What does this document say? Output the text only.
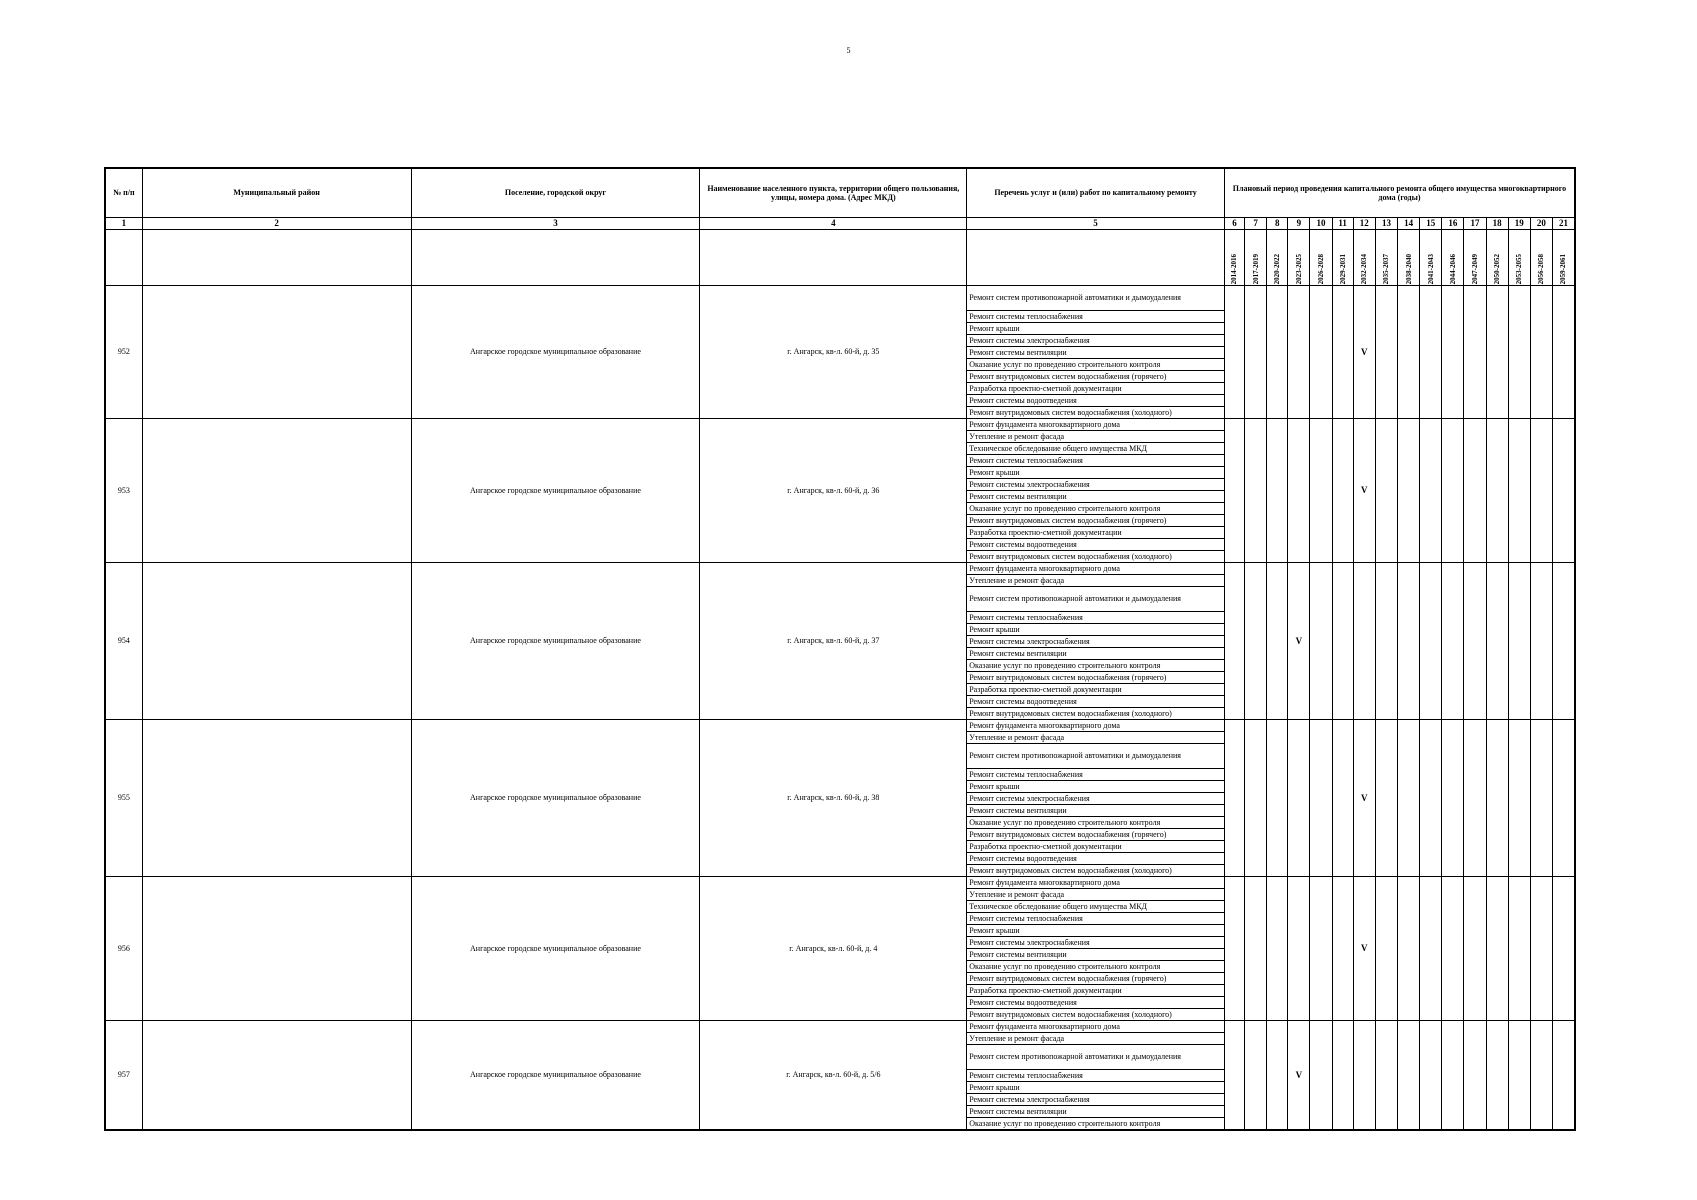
5
№ п/п	Муниципальный район	Поселение, городской округ	Наименование населенного пункта, территории общего пользования, улицы, номера дома. (Адрес МКД)	Перечень услуг и (или) работ по капитальному ремонту	Плановый период проведения капитального ремонта общего имущества многоквартирного дома (годы)															
1	2	3	4	5	6	7	8	9	10	11	12	13	14	15	16	17	18	19	20	21

					2014-2016	2017-2019	2020-2022	2023-2025	2026-2028	2029-2031	2032-2034	2035-2037	2038-2040	2041-2043	2044-2046	2047-2049	2050-2052	2053-2055	2056-2058	2059-2061

952		Ангарское городское муниципальное образование	г. Ангарск, кв-л. 60-й, д. 35	Ремонт систем противопожарной автоматики и дымоудаления							V									
				Ремонт системы теплоснабжения																
				Ремонт крыши																
				Ремонт системы электроснабжения																
				Ремонт системы вентиляции																
				Оказание услуг по проведению строительного контроля																
				Ремонт внутридомовых систем водоснабжения (горячего)																
				Разработка проектно-сметной документации																
				Ремонт системы водоотведения																
				Ремонт внутридомовых систем водоснабжения (холодного)																
953		Ангарское городское муниципальное образование	г. Ангарск, кв-л. 60-й, д. 36	Ремонт фундамента многоквартирного дома							V									
				Утепление и ремонт фасада																
				Техническое обследование общего имущества МКД																
				Ремонт системы теплоснабжения																
				Ремонт крыши																
				Ремонт системы электроснабжения																
				Ремонт системы вентиляции																
				Оказание услуг по проведению строительного контроля																
				Ремонт внутридомовых систем водоснабжения (горячего)																
				Разработка проектно-сметной документации																
				Ремонт системы водоотведения																
				Ремонт внутридомовых систем водоснабжения (холодного)																
954		Ангарское городское муниципальное образование	г. Ангарск, кв-л. 60-й, д. 37	Ремонт фундамента многоквартирного дома				V												
				Утепление и ремонт фасада																
				Ремонт систем противопожарной автоматики и дымоудаления																
				Ремонт системы теплоснабжения																
				Ремонт крыши																
				Ремонт системы электроснабжения																
				Ремонт системы вентиляции																
				Оказание услуг по проведению строительного контроля																
				Ремонт внутридомовых систем водоснабжения (горячего)																
				Разработка проектно-сметной документации																
				Ремонт системы водоотведения																
				Ремонт внутридомовых систем водоснабжения (холодного)																
955		Ангарское городское муниципальное образование	г. Ангарск, кв-л. 60-й, д. 38	Ремонт фундамента многоквартирного дома							V									
				Утепление и ремонт фасада																
				Ремонт систем противопожарной автоматики и дымоудаления																
				Ремонт системы теплоснабжения																
				Ремонт крыши																
				Ремонт системы электроснабжения																
				Ремонт системы вентиляции																
				Оказание услуг по проведению строительного контроля																
				Ремонт внутридомовых систем водоснабжения (горячего)																
				Разработка проектно-сметной документации																
				Ремонт системы водоотведения																
				Ремонт внутридомовых систем водоснабжения (холодного)																
956		Ангарское городское муниципальное образование	г. Ангарск, кв-л. 60-й, д. 4	Ремонт фундамента многоквартирного дома							V									
				Утепление и ремонт фасада																
				Техническое обследование общего имущества МКД																
				Ремонт системы теплоснабжения																
				Ремонт крыши																
				Ремонт системы электроснабжения																
				Ремонт системы вентиляции																
				Оказание услуг по проведению строительного контроля																
				Ремонт внутридомовых систем водоснабжения (горячего)																
				Разработка проектно-сметной документации																
				Ремонт системы водоотведения																
				Ремонт внутридомовых систем водоснабжения (холодного)																
957		Ангарское городское муниципальное образование	г. Ангарск, кв-л. 60-й, д. 5/6	Ремонт фундамента многоквартирного дома				V												
				Утепление и ремонт фасада																
				Ремонт систем противопожарной автоматики и дымоудаления																
				Ремонт системы теплоснабжения																
				Ремонт крыши																
				Ремонт системы электроснабжения																
				Ремонт системы вентиляции																
				Оказание услуг по проведению строительного контроля																
